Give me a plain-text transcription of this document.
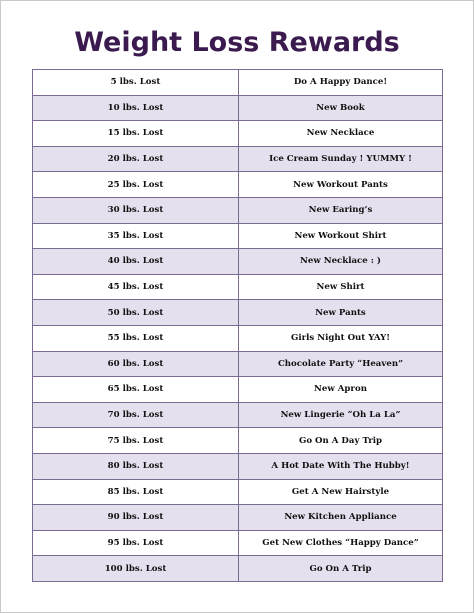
Weight Loss Rewards
5 lbs. Lost	Do A Happy Dance!
10 lbs. Lost	New Book
15 lbs. Lost	New Necklace
20 lbs. Lost	Ice Cream Sunday ! YUMMY !
25 lbs. Lost	New Workout Pants
30 lbs. Lost	New Earing’s
35 lbs. Lost	New Workout Shirt
40 lbs. Lost	New Necklace : )
45 lbs. Lost	New Shirt
50 lbs. Lost	New Pants
55 lbs. Lost	Girls Night Out YAY!
60 lbs. Lost	Chocolate Party “Heaven”
65 lbs. Lost	New Apron
70 lbs. Lost	New Lingerie “Oh La La”
75 lbs. Lost	Go On A Day Trip
80 lbs. Lost	A Hot Date With The Hubby!
85 lbs. Lost	Get A New Hairstyle
90 lbs. Lost	New Kitchen Appliance
95 lbs. Lost	Get New Clothes “Happy Dance”
100 lbs. Lost	Go On A Trip
